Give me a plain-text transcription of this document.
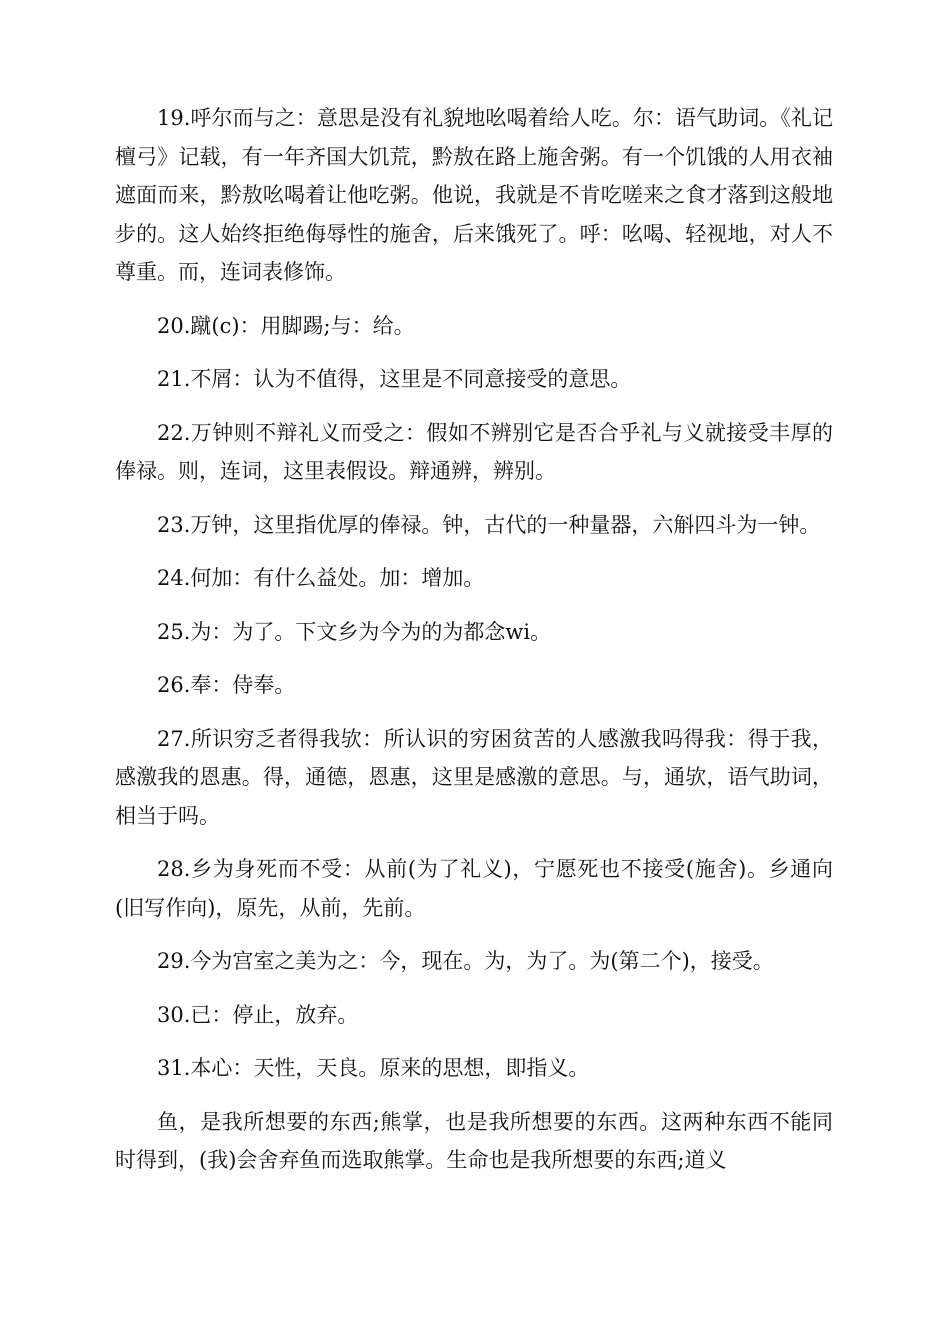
19.呼尔而与之：意思是没有礼貌地吆喝着给人吃。尔：语气助词。《礼记檀弓》记载，有一年齐国大饥荒，黔敖在路上施舍粥。有一个饥饿的人用衣袖遮面而来，黔敖吆喝着让他吃粥。他说，我就是不肯吃嗟来之食才落到这般地步的。这人始终拒绝侮辱性的施舍，后来饿死了。呼：吆喝、轻视地，对人不尊重。而，连词表修饰。

20.蹴(c)：用脚踢;与：给。

21.不屑：认为不值得，这里是不同意接受的意思。

22.万钟则不辩礼义而受之：假如不辨别它是否合乎礼与义就接受丰厚的俸禄。则，连词，这里表假设。辩通辨，辨别。

23.万钟，这里指优厚的俸禄。钟，古代的一种量器，六斛四斗为一钟。

24.何加：有什么益处。加：增加。

25.为：为了。下文乡为今为的为都念wi。

26.奉：侍奉。

27.所识穷乏者得我欤：所认识的穷困贫苦的人感激我吗得我：得于我，感激我的恩惠。得，通德，恩惠，这里是感激的意思。与，通欤，语气助词，相当于吗。

28.乡为身死而不受：从前(为了礼义)，宁愿死也不接受(施舍)。乡通向(旧写作向)，原先，从前，先前。

29.今为宫室之美为之：今，现在。为，为了。为(第二个)，接受。

30.已：停止，放弃。

31.本心：天性，天良。原来的思想，即指义。

鱼，是我所想要的东西;熊掌，也是我所想要的东西。这两种东西不能同时得到，(我)会舍弃鱼而选取熊掌。生命也是我所想要的东西;道义
